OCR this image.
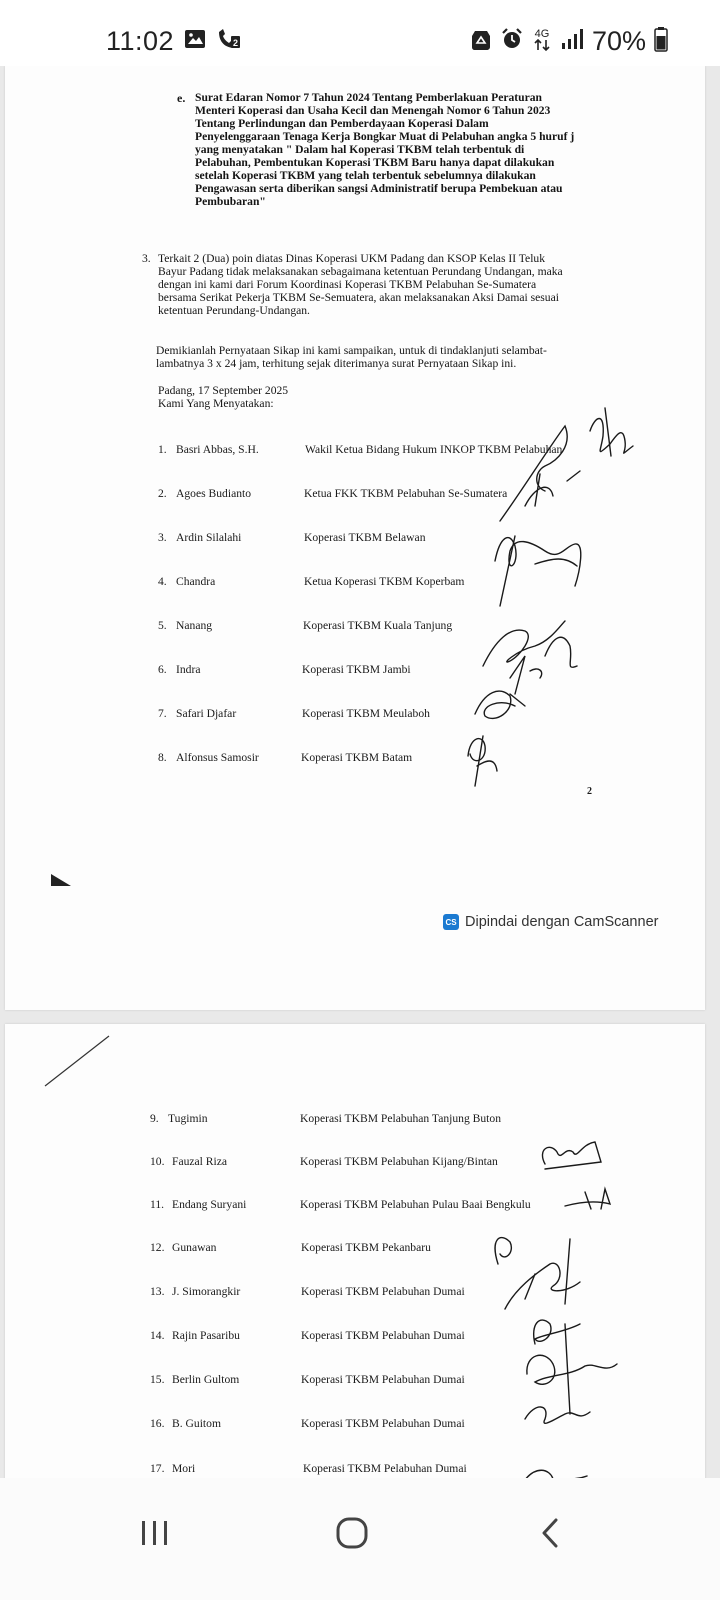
11:02	2
4G 70%
e. Surat Edaran Nomor 7 Tahun 2024 Tentang Pemberlakuan Peraturan
Menteri Koperasi dan Usaha Kecil dan Menengah Nomor 6 Tahun 2023
Tentang Perlindungan dan Pemberdayaan Koperasi Dalam
Penyelenggaraan Tenaga Kerja Bongkar Muat di Pelabuhan angka 5 huruf j
yang menyatakan " Dalam hal Koperasi TKBM telah terbentuk di
Pelabuhan, Pembentukan Koperasi TKBM Baru hanya dapat dilakukan
setelah Koperasi TKBM yang telah terbentuk sebelumnya dilakukan
Pengawasan serta diberikan sangsi Administratif berupa Pembekuan atau
Pembubaran"
3. Terkait 2 (Dua) poin diatas Dinas Koperasi UKM Padang dan KSOP Kelas II Teluk
Bayur Padang tidak melaksanakan sebagaimana ketentuan Perundang Undangan, maka
dengan ini kami dari Forum Koordinasi Koperasi TKBM Pelabuhan Se-Sumatera
bersama Serikat Pekerja TKBM Se-Semuatera, akan melaksanakan Aksi Damai sesuai
ketentuan Perundang-Undangan.
Demikianlah Pernyataan Sikap ini kami sampaikan, untuk di tindaklanjuti selambat-
lambatnya 3 x 24 jam, terhitung sejak diterimanya surat Pernyataan Sikap ini.
Padang, 17 September 2025
Kami Yang Menyatakan:
1. Basri Abbas, S.H.	Wakil Ketua Bidang Hukum INKOP TKBM Pelabuhan
2. Agoes Budianto	Ketua FKK TKBM Pelabuhan Se-Sumatera
3. Ardin Silalahi	Koperasi TKBM Belawan
4. Chandra	Ketua Koperasi TKBM Koperbam
5. Nanang	Koperasi TKBM Kuala Tanjung
6. Indra	Koperasi TKBM Jambi
7. Safari Djafar	Koperasi TKBM Meulaboh
8. Alfonsus Samosir	Koperasi TKBM Batam
2
CS Dipindai dengan CamScanner
9. Tugimin	Koperasi TKBM Pelabuhan Tanjung Buton
10. Fauzal Riza	Koperasi TKBM Pelabuhan Kijang/Bintan
11. Endang Suryani	Koperasi TKBM Pelabuhan Pulau Baai Bengkulu
12. Gunawan	Koperasi TKBM Pekanbaru
13. J. Simorangkir	Koperasi TKBM Pelabuhan Dumai
14. Rajin Pasaribu	Koperasi TKBM Pelabuhan Dumai
15. Berlin Gultom	Koperasi TKBM Pelabuhan Dumai
16. B. Guitom	Koperasi TKBM Pelabuhan Dumai
17. Mori	Koperasi TKBM Pelabuhan Dumai
